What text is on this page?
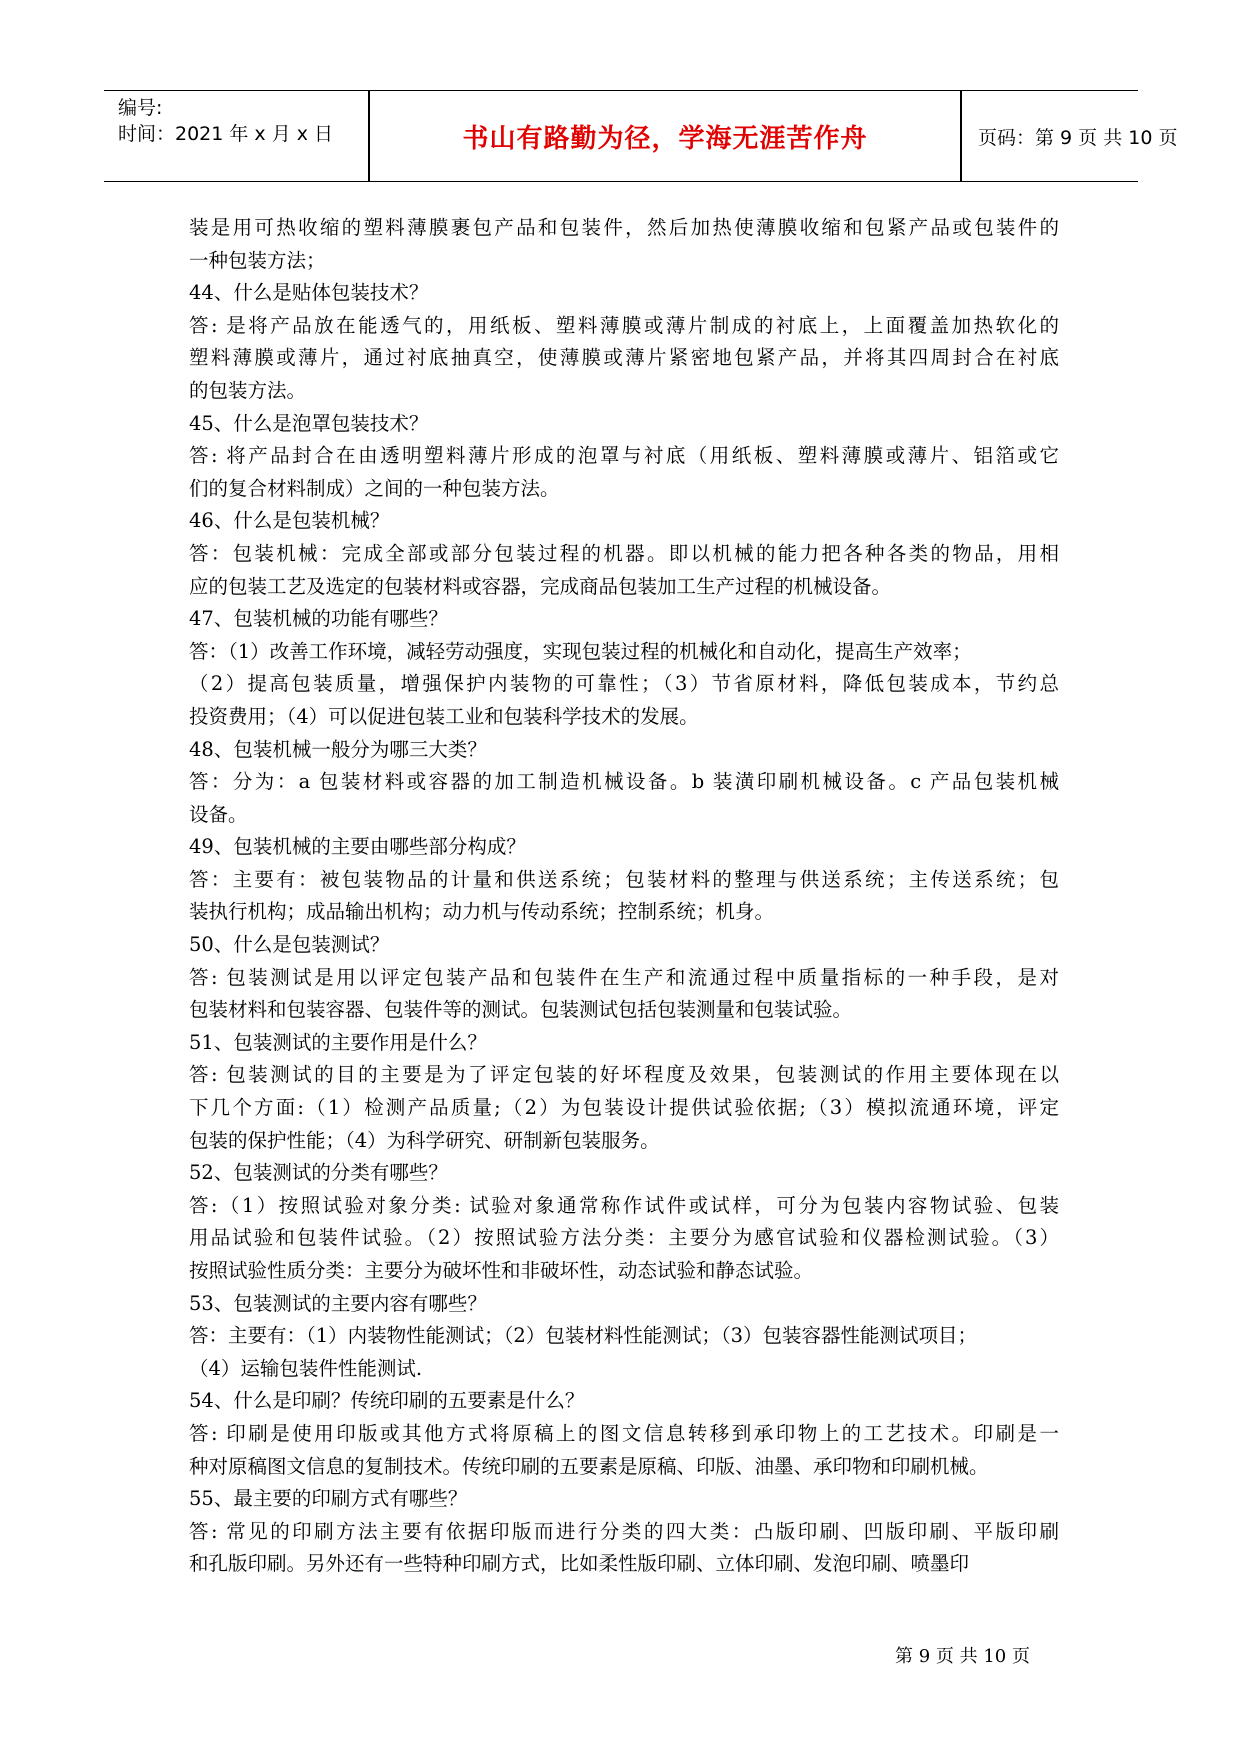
编号:
时间：2021 年 x 月 x 日	书山有路勤为径，学海无涯苦作舟	页码：第 9 页 共 10 页
装是用可热收缩的塑料薄膜裹包产品和包装件，然后加热使薄膜收缩和包紧产品或包装件的
一种包装方法；
44、什么是贴体包装技术？
答: 是将产品放在能透气的，用纸板、塑料薄膜或薄片制成的衬底上，上面覆盖加热软化的
塑料薄膜或薄片，通过衬底抽真空，使薄膜或薄片紧密地包紧产品，并将其四周封合在衬底
的包装方法。
45、什么是泡罩包装技术？
答: 将产品封合在由透明塑料薄片形成的泡罩与衬底（用纸板、塑料薄膜或薄片、铝箔或它
们的复合材料制成）之间的一种包装方法。
46、什么是包装机械？
答：包装机械：完成全部或部分包装过程的机器。即以机械的能力把各种各类的物品，用相
应的包装工艺及选定的包装材料或容器，完成商品包装加工生产过程的机械设备。
47、包装机械的功能有哪些？
答：（1）改善工作环境，减轻劳动强度，实现包装过程的机械化和自动化，提高生产效率；
（2）提高包装质量，增强保护内装物的可靠性；（3）节省原材料，降低包装成本，节约总
投资费用；（4）可以促进包装工业和包装科学技术的发展。
48、包装机械一般分为哪三大类？
答：分为：a 包装材料或容器的加工制造机械设备。b 装潢印刷机械设备。c 产品包装机械
设备。
49、包装机械的主要由哪些部分构成？
答：主要有：被包装物品的计量和供送系统；包装材料的整理与供送系统；主传送系统；包
装执行机构；成品输出机构；动力机与传动系统；控制系统；机身。
50、什么是包装测试？
答: 包装测试是用以评定包装产品和包装件在生产和流通过程中质量指标的一种手段，是对
包装材料和包装容器、包装件等的测试。包装测试包括包装测量和包装试验。
51、包装测试的主要作用是什么？
答: 包装测试的目的主要是为了评定包装的好坏程度及效果，包装测试的作用主要体现在以
下几个方面:（1）检测产品质量;（2）为包装设计提供试验依据;（3）模拟流通环境，评定
包装的保护性能；（4）为科学研究、研制新包装服务。
52、包装测试的分类有哪些？
答:（1）按照试验对象分类: 试验对象通常称作试件或试样，可分为包装内容物试验、包装
用品试验和包装件试验。（2）按照试验方法分类：主要分为感官试验和仪器检测试验。（3）
按照试验性质分类：主要分为破坏性和非破坏性，动态试验和静态试验。
53、包装测试的主要内容有哪些？
答：主要有：（1）内装物性能测试；（2）包装材料性能测试；（3）包装容器性能测试项目；
（4）运输包装件性能测试.
54、什么是印刷？传统印刷的五要素是什么？
答: 印刷是使用印版或其他方式将原稿上的图文信息转移到承印物上的工艺技术。印刷是一
种对原稿图文信息的复制技术。传统印刷的五要素是原稿、印版、油墨、承印物和印刷机械。
55、最主要的印刷方式有哪些？
答: 常见的印刷方法主要有依据印版而进行分类的四大类：凸版印刷、凹版印刷、平版印刷
和孔版印刷。另外还有一些特种印刷方式，比如柔性版印刷、立体印刷、发泡印刷、喷墨印
第 9 页 共 10 页
